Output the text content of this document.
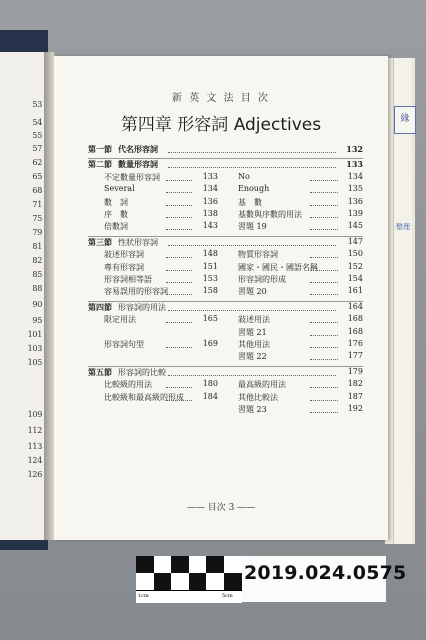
53
54
55
57
62
65
68
71
75
79
81
82
85
88
90
95
101
103
105
109
112
113
124
126
緣
整理
新 英 文 法 目 次
第四章 形容詞 Adjectives
第一節 代名形容詞	132
第二節 數量形容詞	133
不定數量形容詞	133	No	134
Several	134	Enough	135
數　詞	136	基　數	136
序　數	138	基數與序數的用法	139
倍數詞	143	習題 19	145
第三節 性狀形容詞	147
敍述形容詞	148	物質形容詞	150
專有形容詞	151	國家・國民・國語名稱	152
形容詞相等語	153	形容詞的形成	154
容易誤用的形容詞	158	習題 20	161
第四節 形容詞的用法	164
限定用法	165	敍述用法	168
習題 21	168
形容詞句型	169	其他用法	176
習題 22	177
第五節 形容詞的比較	179
比較級的用法	180	最高級的用法	182
比較級和最高級的形成	184	其他比較法	187
習題 23	192
—— 目次 3 ——
1cm	5cm
2019.024.0575
